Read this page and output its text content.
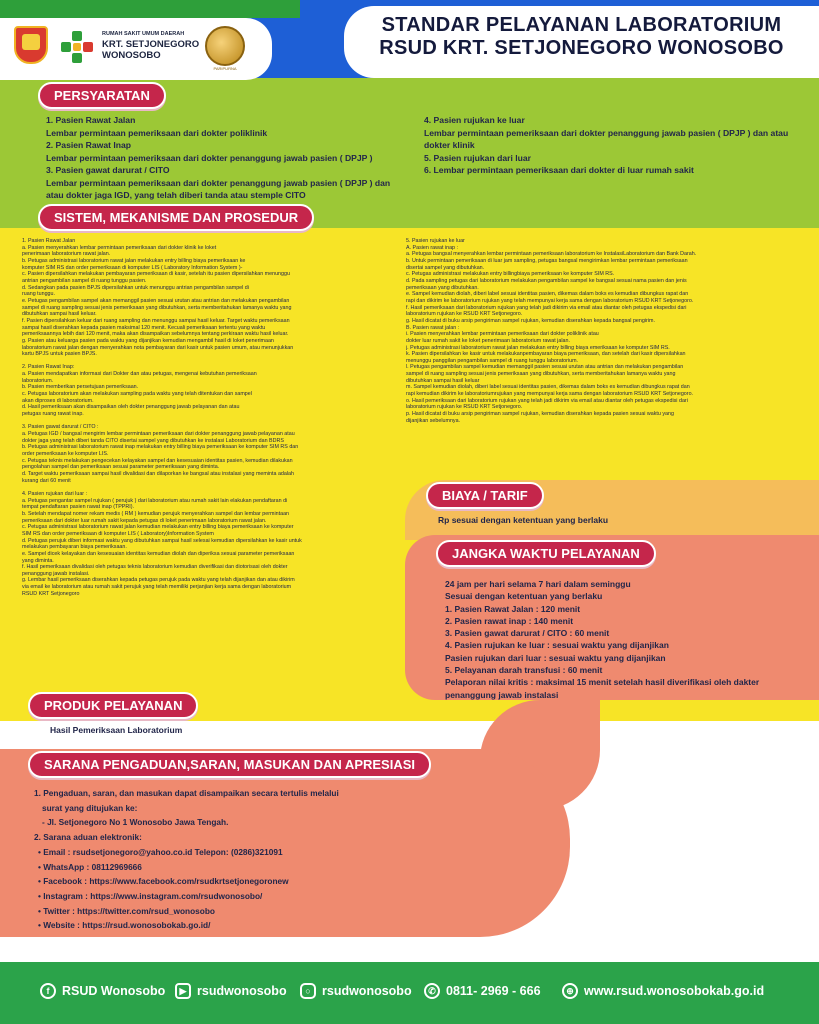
RUMAH SAKIT UMUM DAERAH
KRT. SETJONEGORO
WONOSOBO
PARIPURNA
STANDAR PELAYANAN LABORATORIUM
RSUD KRT. SETJONEGORO WONOSOBO
PERSYARATAN
1. Pasien Rawat Jalan
Lembar permintaan pemeriksaan dari dokter poliklinik
2. Pasien Rawat Inap
Lembar permintaan pemeriksaan dari dokter penanggung jawab pasien ( DPJP )
3. Pasien gawat darurat / CITO
Lembar permintaan pemeriksaan dari dokter penanggung jawab pasien ( DPJP ) dan
atau dokter jaga IGD, yang telah diberi tanda atau stemple CITO
4. Pasien rujukan ke luar
Lembar permintaan pemeriksaan dari dokter penanggung jawab pasien ( DPJP ) dan atau
dokter klinik
5. Pasien rujukan dari luar
6. Lembar permintaan pemeriksaan dari dokter di luar rumah sakit
SISTEM, MEKANISME DAN PROSEDUR
1. Pasien Rawat Jalan
a. Pasien menyerahkan lembar permintaan pemeriksaan dari dokter klinik ke loket
penerimaan laboratorium rawat jalan.
b. Petugas administrasi laboratorium rawat jalan melakukan entry billing biaya pemeriksaan ke
komputer SIM RS dan order pemeriksaan di komputer LIS ( Laboratory Information System )-
c. Pasien dipersilahkan melakukan pembayaran pemeriksaan di kasir, setelah itu pasien dipersilahkan menunggu
antrian pengambilan sampel di ruang tunggu pasien.
d. Sedangkan pada pasien BPJS dipersilahkan untuk menunggu antrian pengambilan sampel di
ruang tunggu.
e. Petugas pengambilan sampel akan memanggil pasien sesuai urutan atau antrian dan melakukan pengambilan
sampel di ruang sampling sesuai jenis pemeriksaan yang dibutuhkan, serta memberitahukan lamanya waktu yang
dibutuhkan sampai hasil keluar.
f. Pasien dipersilahkan keluar dari ruang sampling dan menunggu sampai hasil keluar. Target waktu pemeriksaan
sampai hasil diserahkan kepada pasien maksimal 120 menit. Kecuali pemeriksaan tertentu yang waktu
pemeriksaannya lebih dari 120 menit, maka akan disampaikan sebelumnya tentang perkiraan waktu hasil keluar.
g. Pasien atau keluarga pasien pada waktu yang dijanjikan kemudian mengambil hasil di loket penerimaan
laboratorium rawat jalan dengan menyerahkan nota pembayaran dari kasir untuk pasien umum, atau menunjukkan
kartu BPJS untuk pasien BPJS.

2. Pasien Rawat Inap:
a. Pasien mendapatkan informasi dari Dokter dan atau petugas, mengenai kebutuhan pemeriksaan
laboratorium.
b. Pasien memberikan persetujuan pemeriksaan.
c. Petugas laboratorium akan melakukan sampling pada waktu yang telah ditentukan dan sampel
akan diproses di laboratorium.
d. Hasil pemeriksaan akan disampaikan oleh dokter penanggung jawab pelayanan dan atau
petugas ruang rawat inap.

3. Pasien gawat darurat / CITO :
a. Petugas IGD / bangsal mengirim lembar permintaan pemeriksaan dari dokter penanggung jawab pelayanan atau
dokter jaga yang telah diberi tanda CITO disertai sampel yang dibutuhkan ke instalasi Laboratorium dan BDRS
b. Petugas administrasi laboratorium rawat inap melakukan entry billing biaya pemeriksaan ke komputer SIM RS dan
order pemeriksaan ke komputer LIS.
c. Petugas teknis melakukan pengecekan kelayakan sampel dan kesesuaian identitas pasien, kemudian dilakukan
pengolahan sampel dan pemeriksaan sesuai parameter pemeriksaan yang diminta.
d. Target waktu pemeriksaan sampai hasil divalidasi dan dilaporkan ke bangsal atau instalasi yang meminta adalah
kurang dari 60 menit

4. Pasien rujukan dari luar :
a. Petugas pengantar sampel rujukan ( perujuk ) dari laboratorium atau rumah sakit lain elakukan pendaftaran di
tempat pendaftaran pasien rawat inap (TPPRI).
b. Setelah mendapat nomer rekam medis ( RM ) kemudian perujuk menyerahkan sampel dan lembar permintaan
pemeriksaan dari dokter luar rumah sakit kepada petugas di loket penerimaan laboratorium rawat jalan.
c. Petugas administrasi laboratorium rawat jalan kemudian melakukan entry billing biaya pemeriksaan ke komputer
SIM RS dan order pemeriksaan di komputer LIS ( Laboratory)Information System
d. Petugas perujuk diberi informasi waktu yang dibutuhkan sampai hasil selesai kemudian dipersilahkan ke kasir untuk
melakukan pembayaran biaya pemeriksaan.
e. Sampel dicek kelayakan dan kesesuaian identitas kemudian diolah dan diperiksa sesuai parameter pemeriksaan
yang diminta.
f. Hasil pemeriksaan divalidasi oleh petugas teknis laboratorium kemudian diverifikasi dan diotorisasi oleh dokter
penanggung jawab instalasi.
g. Lembar hasil pemeriksaan diserahkan kepada petugas perujuk pada waktu yang telah dijanjikan dan atau dikirim
via email ke laboratorium atau rumah sakit perujuk yang telah memiliki perjanjian kerja sama dengan laboratorium
RSUD KRT Setjonegoro
5. Pasien rujukan ke luar
A. Pasien rawat inap :
a. Petugas bangsal menyerahkan lembar permintaan pemeriksaan laboratorium ke InstalasiLaboratorium dan Bank Darah.
b. Untuk permintaan pemeriksaan di luar jam sampling, petugas bangsal mengirimkan lembar permintaan pemeriksaan
disertai sampel yang dibutuhkan.
c. Petugas administrasi melakukan entry billingbiaya pemeriksaan ke komputer SIM RS.
d. Pada sampling petugas dari laboratorium melakukan pengambilan sampel ke bangsal sesuai nama pasien dan jenis
pemeriksaan yang dibutuhkan.
e. Sampel kemudian diolah, diberi label sesuai identitas pasien, dikemas dalam boks es kemudian dibungkus rapat dan
rapi dan dikirim ke laboratorium rujukan yang telah mempunyai kerja sama dengan laboratorium RSUD KRT Setjonegoro.
f. Hasil pemeriksaan dari laboratorium rujukan yang telah jadi dikirim via email atau diantar oleh petugas ekspedisi dari
laboratorium rujukan ke RSUD KRT Setjonegoro.
g. Hasil dicatat di buku arsip pengiriman sampel rujukan, kemudian diserahkan kepada bangsal pengirim.
B. Pasien rawat jalan :
i. Pasien menyerahkan lembar permintaan pemeriksaan dari dokter poliklinik atau
dokter luar rumah sakit ke loket penerimaan laboratorium rawat jalan.
j. Petugas administrasi laboratorium rawat jalan melakukan entry billing biaya emeriksaan ke komputer SIM RS.
k. Pasien dipersilahkan ke kasir untuk melakukanpembayaran biaya pemeriksaan, dan setelah dari kasir dipersilahkan
menunggu panggilan pengambilan sampel di ruang tunggu laboratorium.
l. Petugas pengambilan sampel kemudian memanggil pasien sesuai urutan atau antrian dan melakukan pengambilan
sampel di ruang sampling sesuai jenis pemeriksaan yang dibutuhkan, serta memberitahukan lamanya waktu yang
dibutuhkan sampai hasil keluar
m. Sampel kemudian diolah, diberi label sesuai identitas pasien, dikemas dalam boks es kemudian dibungkus rapat dan
rapi kemudian dikirim ke laboratoriumrujukan yang mempunyai kerja sama dengan laboratorium RSUD KRT Setjonegoro.
o. Hasil pemeriksaan dari laboratorium rujukan yang telah jadi dikirim via email atau diantar oleh petugas ekspedisi dari
laboratorium rujukan ke RSUD KRT Setjonegoro.
p. Hasil dicatat di buku arsip pengiriman sampel rujukan, kemudian diserahkan kepada pasien sesuai waktu yang
dijanjikan sebelumnya.
BIAYA / TARIF
Rp sesuai dengan ketentuan yang berlaku
JANGKA WAKTU PELAYANAN
24 jam per hari selama 7 hari dalam seminggu
Sesuai dengan ketentuan yang berlaku
1. Pasien Rawat Jalan : 120 menit
2. Pasien rawat inap : 140 menit
3. Pasien gawat darurat / CITO : 60 menit
4. Pasien rujukan ke luar : sesuai waktu yang dijanjikan
Pasien rujukan dari luar : sesuai waktu yang dijanjikan
5. Pelayanan darah transfusi : 60 menit
Pelaporan nilai kritis : maksimal 15 menit setelah hasil diverifikasi oleh dakter
penanggung jawab instalasi
PRODUK PELAYANAN
Hasil Pemeriksaan Laboratorium
SARANA PENGADUAN,SARAN, MASUKAN DAN APRESIASI
1. Pengaduan, saran, dan masukan dapat disampaikan secara tertulis melalui
surat yang ditujukan ke:
- Jl. Setjonegoro No 1 Wonosobo Jawa Tengah.
2. Sarana aduan elektronik:
• Email : rsudsetjonegoro@yahoo.co.id Telepon: (0286)321091
• WhatsApp : 08112969666
• Facebook : https://www.facebook.com/rsudkrtsetjonegoronew
• Instagram : https://www.instagram.com/rsudwonosobo/
• Twitter : https://twitter.com/rsud_wonosobo
• Website : https://rsud.wonosobokab.go.id/
f	RSUD Wonosobo	▶ rsudwonosobo	○ rsudwonosobo	✆ 0811- 2969 - 666	⊕ www.rsud.wonosobokab.go.id
